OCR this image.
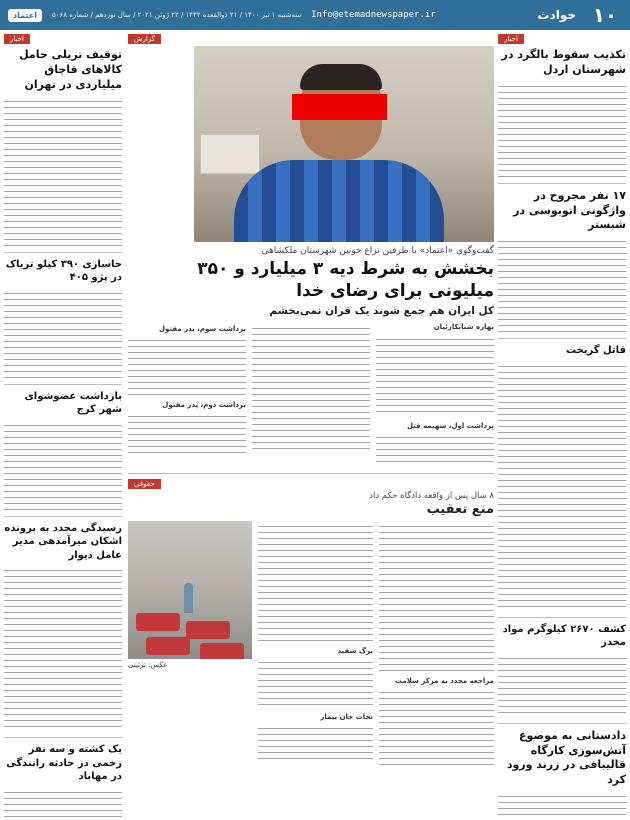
۱۰
حوادث
Info@etemadnewspaper.ir
سه‌شنبه ۱ تیر ۱۴۰۰ / ۲۱ ذوالقعده ۱۴۴۲ / ۲۲ ژوئن ۲۰۲۱ / سال نوزدهم / شماره ۵۰۶۸
اعتماد
اخبار
تکذیب سقوط بالگرد در شهرستان اردل
۱۷ نفر مجروح در واژگونی اتوبوسی در شبستر
قاتل گریخت
کشف ۲۶۷۰ کیلوگرم مواد مخدر
دادستانی به موضوع آتش‌سوزی کارگاه قالیبافی در زرند ورود کرد
گزارش
گفت‌وگوی «اعتماد» با طرفین نزاع خونین شهرستان ملکشاهی
بخشش به شرط دیه ۳ میلیارد و ۳۵۰ میلیونی برای رضای خدا
کل ایران هم جمع شوند یک قران نمی‌بخشم
بهاره شبانکارئیان
برداشت اول، سهیمه قتل
برداشت سوم، پدر مقتول
برداشت دوم، پدر مقتول
حقوقی
۸ سال پس از واقعه دادگاه حکم داد
منع تعقیب
عکس: تزئینی
مراجعه مجدد به مرکز سلامت
برگ سفید
نجات جان بیمار
اخبار
توقیف تریلی حامل کالاهای قاچاق میلیاردی در تهران
جاسازی ۳۹۰ کیلو تریاک در پژو ۴۰۵
بازداشت عضوشوای شهر کرج
رسیدگی مجدد به پرونده اشکان میرآمدهی مدیر عامل دیوار
یک کشته و سه نفر زخمی در حادثه رانندگی در مهاباد
